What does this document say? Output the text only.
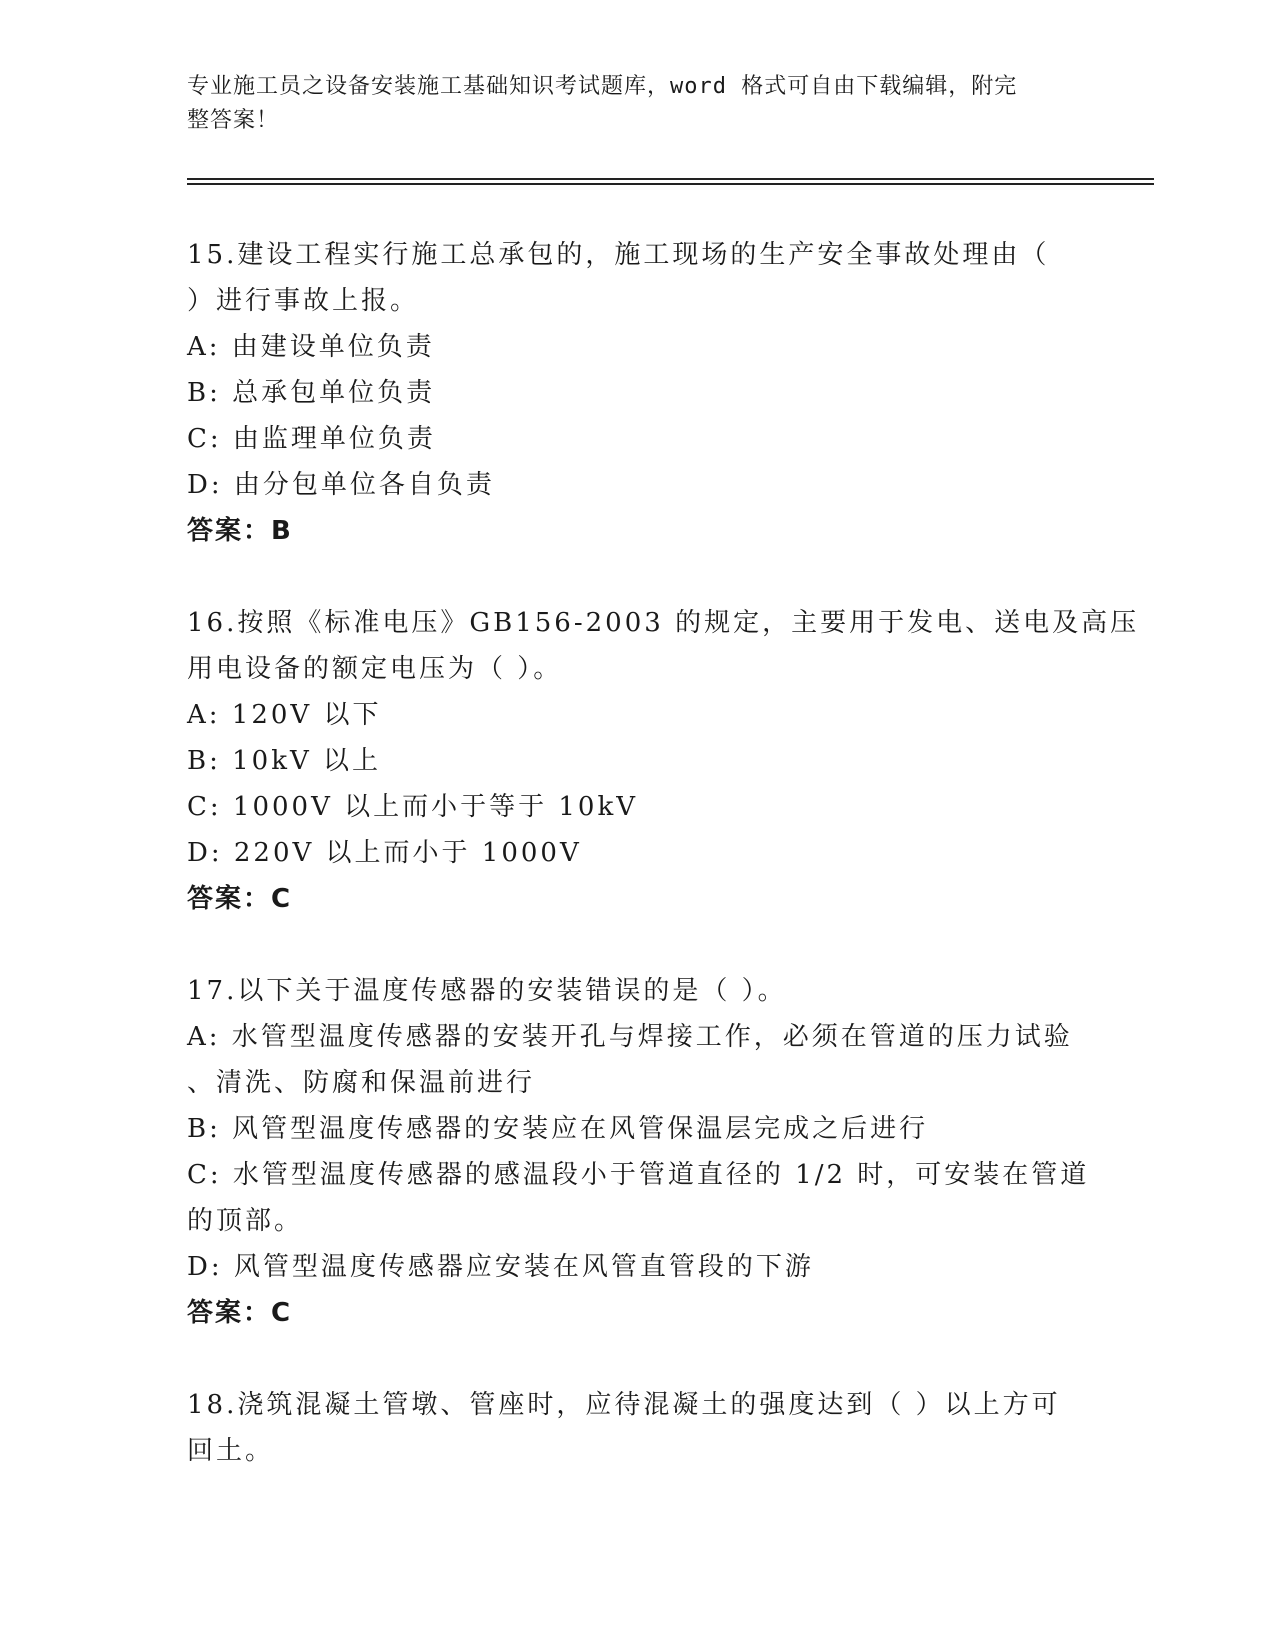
专业施工员之设备安装施工基础知识考试题库，word 格式可自由下载编辑，附完
整答案！
15.建设工程实行施工总承包的，施工现场的生产安全事故处理由（
）进行事故上报。
A: 由建设单位负责
B: 总承包单位负责
C: 由监理单位负责
D: 由分包单位各自负责
答案：B
16.按照《标准电压》GB156-2003 的规定，主要用于发电、送电及高压
用电设备的额定电压为（ ）。
A: 120V 以下
B: 10kV 以上
C: 1000V 以上而小于等于 10kV
D: 220V 以上而小于 1000V
答案：C
17.以下关于温度传感器的安装错误的是（ ）。
A: 水管型温度传感器的安装开孔与焊接工作，必须在管道的压力试验
、清洗、防腐和保温前进行
B: 风管型温度传感器的安装应在风管保温层完成之后进行
C: 水管型温度传感器的感温段小于管道直径的 1/2 时，可安装在管道
的顶部。
D: 风管型温度传感器应安装在风管直管段的下游
答案：C
18.浇筑混凝土管墩、管座时，应待混凝土的强度达到（ ）以上方可
回土。
